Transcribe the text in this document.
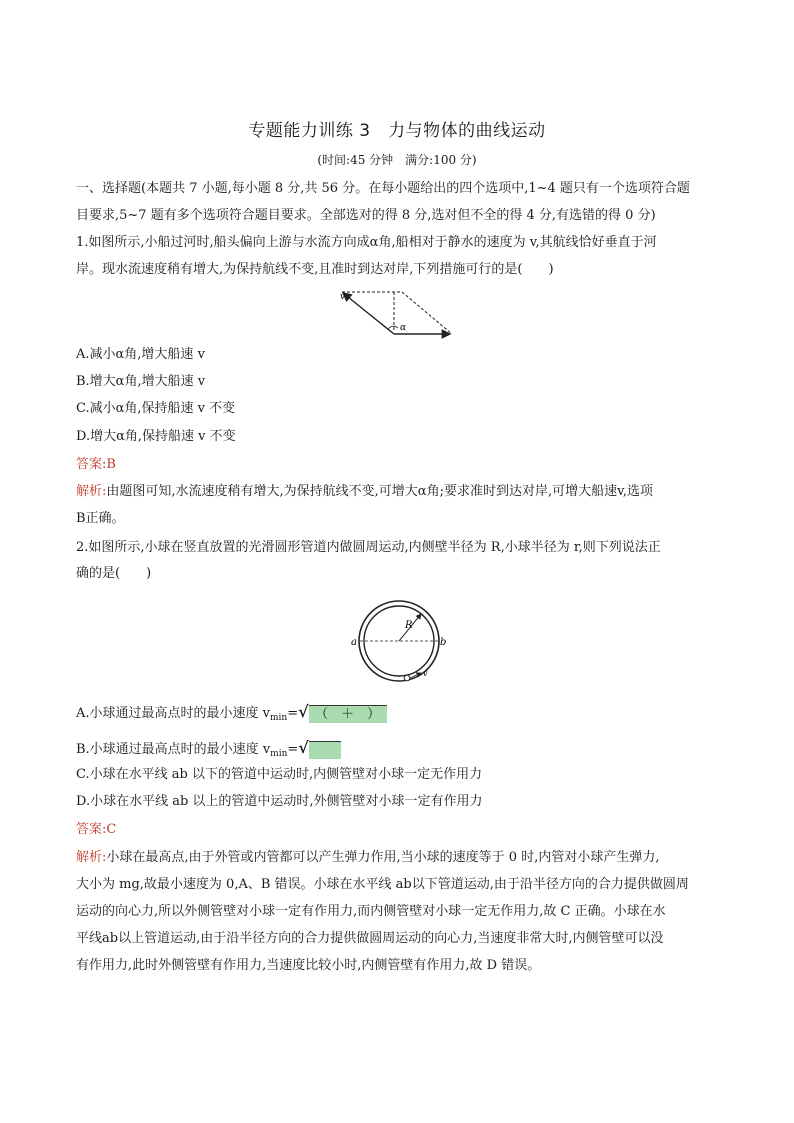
专题能力训练 3　力与物体的曲线运动
(时间:45 分钟　满分:100 分)
一、选择题(本题共 7 小题,每小题 8 分,共 56 分。在每小题给出的四个选项中,1~4 题只有一个选项符合题
目要求,5~7 题有多个选项符合题目要求。全部选对的得 8 分,选对但不全的得 4 分,有选错的得 0 分)
1.如图所示,小船过河时,船头偏向上游与水流方向成α角,船相对于静水的速度为 v,其航线恰好垂直于河
岸。现水流速度稍有增大,为保持航线不变,且准时到达对岸,下列措施可行的是(　　)
v
α
A.减小α角,增大船速 v
B.增大α角,增大船速 v
C.减小α角,保持船速 v 不变
D.增大α角,保持船速 v 不变
答案:B
解析:由题图可知,水流速度稍有增大,为保持航线不变,可增大α角;要求准时到达对岸,可增大船速v,选项
B正确。
2.如图所示,小球在竖直放置的光滑圆形管道内做圆周运动,内侧壁半径为 R,小球半径为 r,则下列说法正
确的是(　　)
R
a	b
v
A.小球通过最高点时的最小速度 $v_{min}=√$ （　＋　）
B.小球通过最高点时的最小速度 $v_{min}=√$
C.小球在水平线 ab 以下的管道中运动时,内侧管壁对小球一定无作用力
D.小球在水平线 ab 以上的管道中运动时,外侧管壁对小球一定有作用力
答案:C
解析:小球在最高点,由于外管或内管都可以产生弹力作用,当小球的速度等于 0 时,内管对小球产生弹力,
大小为 mg,故最小速度为 0,A、B 错误。小球在水平线 ab以下管道运动,由于沿半径方向的合力提供做圆周
运动的向心力,所以外侧管壁对小球一定有作用力,而内侧管壁对小球一定无作用力,故 C 正确。小球在水
平线ab以上管道运动,由于沿半径方向的合力提供做圆周运动的向心力,当速度非常大时,内侧管壁可以没
有作用力,此时外侧管壁有作用力,当速度比较小时,内侧管壁有作用力,故 D 错误。
